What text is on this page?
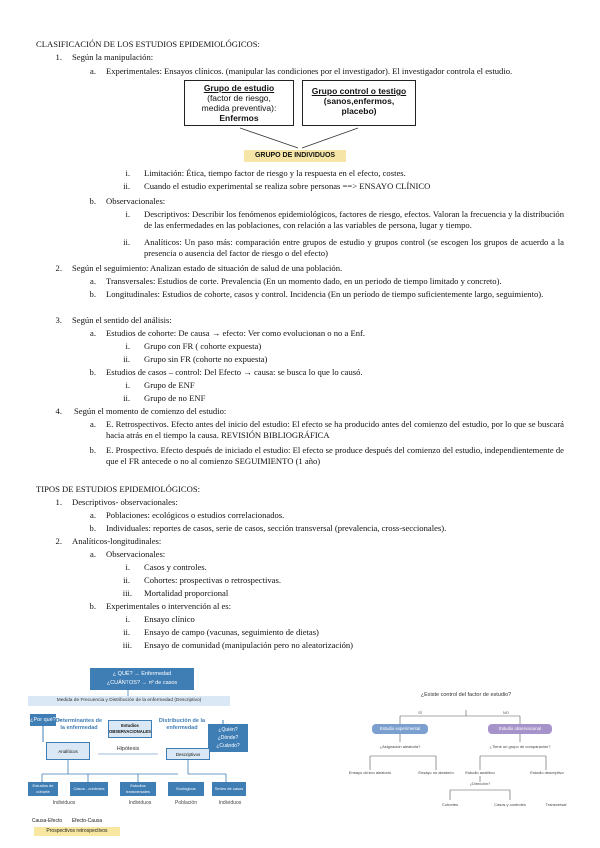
CLASIFICACIÓN DE LOS ESTUDIOS EPIDEMIOLÓGICOS:
1. Según la manipulación:
a. Experimentales: Ensayos clínicos. (manipular las condiciones por el investigador). El investigador controla el estudio.
Grupo de estudio
(factor de riesgo,
medida preventiva):
Enfermos
Grupo control o testigo
(sanos,enfermos,
placebo)
GRUPO DE INDIVIDUOS
i. Limitación: Ética, tiempo factor de riesgo y la respuesta en el efecto, costes.
ii. Cuando el estudio experimental se realiza sobre personas ==> ENSAYO CLÍNICO
b. Observacionales:
i. Descriptivos: Describir los fenómenos epidemiológicos, factores de riesgo, efectos. Valoran la frecuencia y la distribución de las enfermedades en las poblaciones, con relación a las variables de persona, lugar y tiempo.
ii. Analíticos: Un paso más: comparación entre grupos de estudio y grupos control (se escogen los grupos de acuerdo a la presencia o ausencia del factor de riesgo o del efecto)
2. Según el seguimiento: Analizan estado de situación de salud de una población.
a. Transversales: Estudios de corte. Prevalencia (En un momento dado, en un periodo de tiempo limitado y concreto).
b. Longitudinales: Estudios de cohorte, casos y control. Incidencia (En un período de tiempo suficientemente largo, seguimiento).
3. Según el sentido del análisis:
a. Estudios de cohorte: De causa → efecto: Ver como evolucionan o no a Enf.
i. Grupo con FR ( cohorte expuesta)
ii. Grupo sin FR (cohorte no expuesta)
b. Estudios de casos – control: Del Efecto → causa: se busca lo que lo causó.
i. Grupo de ENF
ii. Grupo de no ENF
4. Según el momento de comienzo del estudio:
a. E. Retrospectivos. Efecto antes del inicio del estudio: El efecto se ha producido antes del comienzo del estudio, por lo que se buscará hacia atrás en el tiempo la causa. REVISIÓN BIBLIOGRÁFICA
b. E. Prospectivo. Efecto después de iniciado el estudio: El efecto se produce después del comienzo del estudio, independientemente de que el FR antecede o no al comienzo SEGUIMIENTO (1 año)
TIPOS DE ESTUDIOS EPIDEMIOLÓGICOS:
1. Descriptivos- observacionales:
a. Poblaciones: ecológicos o estudios correlacionados.
b. Individuales: reportes de casos, serie de casos, sección transversal (prevalencia, cross-seccionales).
2. Analíticos-longitudinales:
a. Observacionales:
i. Casos y controles.
ii. Cohortes: prospectivas o retrospectivas.
iii. Mortalidad proporcional
b. Experimentales o intervención al es:
i. Ensayo clínico
ii. Ensayo de campo (vacunas, seguimiento de dietas)
iii. Ensayo de comunidad (manipulación pero no aleatorización)
¿ QUÉ? → Enfermedad
¿CUÁNTOS? → nº de casos
Medida de Frecuencia y Distribución de la enfermedad (Descriptivo)
¿Por qué? Determinantes de la enfermedad	Estudios OBSERVACIONALES
Distribución de la enfermedad	¿Quién? ¿Dónde? ¿Cuándo?
Analíticos	Hipótesis
Descriptivos
Estudios de cohorte
Casos - controles
Estudios transversales
Ecológicos	Series de casos
Individuos	Individuos	Población	Individuos
Causa-Efecto	Efecto-Causa
Prospectivos retrospectivos
¿Existe control del factor de estudio?
SÍ	NO
Estudio experimental	Estudio observacional
¿Asignación aleatoria?	¿Tiene un grupo de comparación?
Ensayo clínico aleatorio	Ensayo no aleatorio	Estudio analítico	Estudio descriptivo
¿Dirección?
Cohortes	Casos y controles	Transversal
